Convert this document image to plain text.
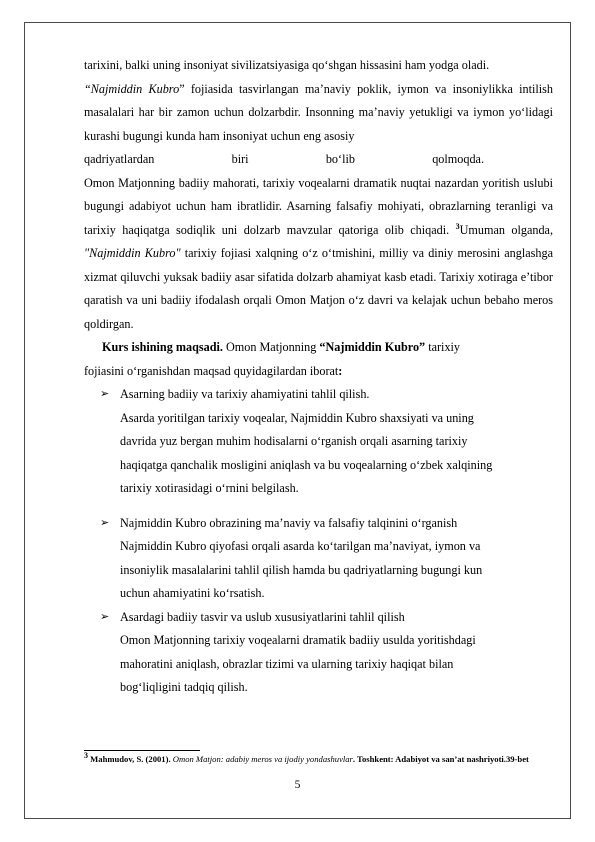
tarixini, balki uning insoniyat sivilizatsiyasiga qo‘shgan hissasini ham yodga oladi.
“Najmiddin Kubro” fojiasida tasvirlangan ma’naviy poklik, iymon va insoniylikka intilish masalalari har bir zamon uchun dolzarbdir. Insonning ma’naviy yetukligi va iymon yo‘lidagi kurashi bugungi kunda ham insoniyat uchun eng asosiy

qadriyatlardan	biri	bo‘lib	qolmoqda.

Omon Matjonning badiiy mahorati, tarixiy voqealarni dramatik nuqtai nazardan yoritish uslubi bugungi adabiyot uchun ham ibratlidir. Asarning falsafiy mohiyati, obrazlarning teranligi va tarixiy haqiqatga sodiqlik uni dolzarb mavzular qatoriga olib chiqadi. $^3$Umuman olganda, "Najmiddin Kubro" tarixiy fojiasi xalqning o‘z o‘tmishini, milliy va diniy merosini anglashga xizmat qiluvchi yuksak badiiy asar sifatida dolzarb ahamiyat kasb etadi. Tarixiy xotiraga e’tibor qaratish va uni badiiy ifodalash orqali Omon Matjon o‘z davri va kelajak uchun bebaho meros qoldirgan.

Kurs ishining maqsadi. Omon Matjonning “Najmiddin Kubro” tarixiy

fojiasini o‘rganishdan maqsad quyidagilardan iborat:

➢ Asarning badiiy va tarixiy ahamiyatini tahlil qilish.
Asarda yoritilgan tarixiy voqealar, Najmiddin Kubro shaxsiyati va uning
davrida yuz bergan muhim hodisalarni o‘rganish orqali asarning tarixiy
haqiqatga qanchalik mosligini aniqlash va bu voqealarning o‘zbek xalqining
tarixiy xotirasidagi o‘rnini belgilash.
➢ Najmiddin Kubro obrazining ma’naviy va falsafiy talqinini o‘rganish
Najmiddin Kubro qiyofasi orqali asarda ko‘tarilgan ma’naviyat, iymon va
insoniylik masalalarini tahlil qilish hamda bu qadriyatlarning bugungi kun
uchun ahamiyatini ko‘rsatish.
➢ Asardagi badiiy tasvir va uslub xususiyatlarini tahlil qilish
Omon Matjonning tarixiy voqealarni dramatik badiiy usulda yoritishdagi
mahoratini aniqlash, obrazlar tizimi va ularning tarixiy haqiqat bilan
bog‘liqligini tadqiq qilish.
$^3$ Mahmudov, S. (2001). Omon Matjon: adabiy meros va ijodiy yondashuvlar. Toshkent: Adabiyot va san’at nashriyoti.39-bet
5
